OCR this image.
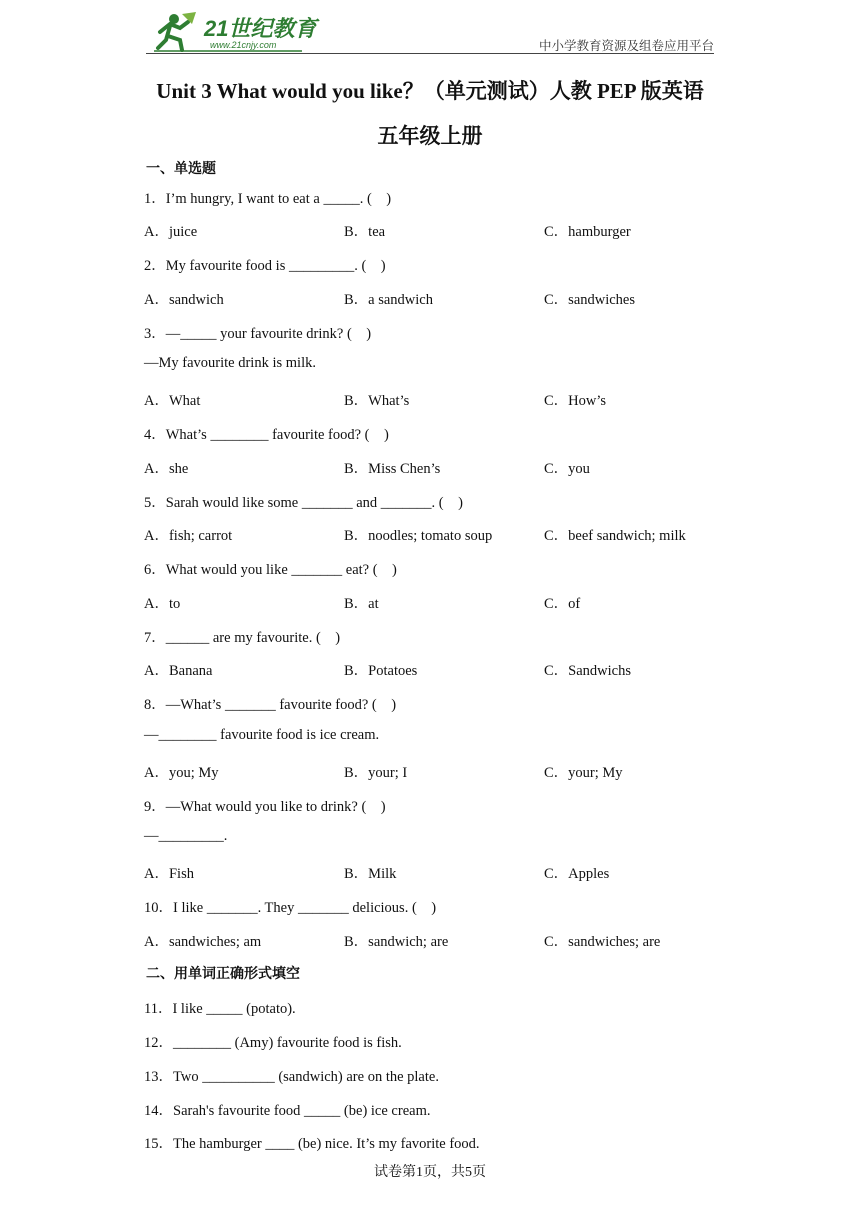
21世纪教育
www.21cnjy.com	中小学教育资源及组卷应用平台
Unit 3 What would you like？（单元测试）人教 PEP 版英语
五年级上册
一、单选题
1．I’m hungry, I want to eat a _____. (　)
A．juice	B．tea	C．hamburger
2．My favourite food is _________. (　)
A．sandwich	B．a sandwich	C．sandwiches
3．—_____ your favourite drink? (　)
—My favourite drink is milk.
A．What	B．What’s	C．How’s
4．What’s ________ favourite food? (　)
A．she	B．Miss Chen’s	C．you
5．Sarah would like some _______ and _______. (　)
A．fish; carrot	B．noodles; tomato soup	C．beef sandwich; milk
6．What would you like _______ eat? (　)
A．to	B．at	C．of
7．______ are my favourite. (　)
A．Banana	B．Potatoes	C．Sandwichs
8．—What’s _______ favourite food? (　)
—________ favourite food is ice cream.
A．you; My	B．your; I	C．your; My
9．—What would you like to drink? (　)
—_________.
A．Fish	B．Milk	C．Apples
10．I like _______. They _______ delicious. (　)
A．sandwiches; am	B．sandwich; are	C．sandwiches; are
二、用单词正确形式填空
11．I like _____ (potato).
12．________ (Amy) favourite food is fish.
13．Two __________ (sandwich) are on the plate.
14．Sarah's favourite food _____ (be) ice cream.
15．The hamburger ____ (be) nice. It’s my favorite food.
试卷第1页，共5页
